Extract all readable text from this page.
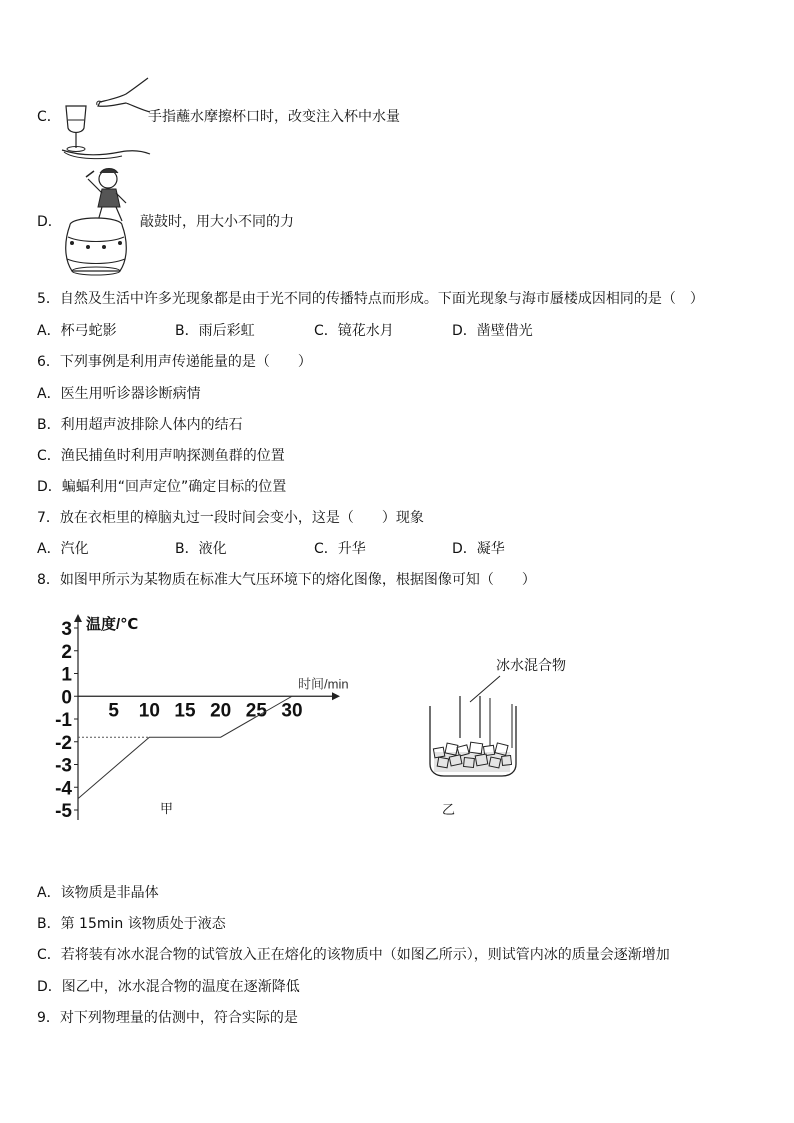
C．	手指蘸水摩擦杯口时，改变注入杯中水量
D．	敲鼓时，用大小不同的力
5．自然及生活中许多光现象都是由于光不同的传播特点而形成。下面光现象与海市蜃楼成因相同的是（　）
A．杯弓蛇影	B．雨后彩虹	C．镜花水月	D．凿壁借光
6．下列事例是利用声传递能量的是（　　）
A．医生用听诊器诊断病情
B．利用超声波排除人体内的结石
C．渔民捕鱼时利用声呐探测鱼群的位置
D．蝙蝠利用“回声定位”确定目标的位置
7．放在衣柜里的樟脑丸过一段时间会变小，这是（　　）现象
A．汽化	B．液化	C．升华	D．凝华
8．如图甲所示为某物质在标准大气压环境下的熔化图像，根据图像可知（　　）
温度/℃
时间/min
3
2
1
0
-1
-2
-3
-4
-5
5 10 15 20 25 30
甲
冰水混合物
乙
A．该物质是非晶体
B．第 15min 该物质处于液态
C．若将装有冰水混合物的试管放入正在熔化的该物质中（如图乙所示），则试管内冰的质量会逐渐增加
D．图乙中，冰水混合物的温度在逐渐降低
9．对下列物理量的估测中，符合实际的是
